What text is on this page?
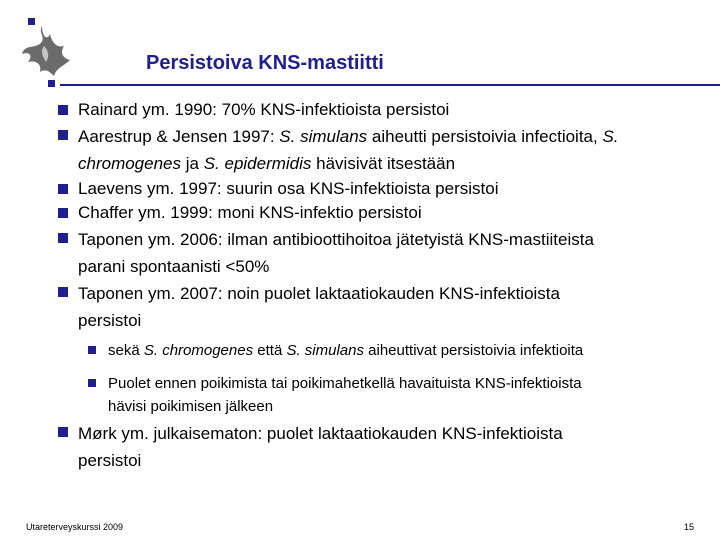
Persistoiva KNS-mastiitti
Rainard ym. 1990: 70% KNS-infektioista persistoi
Aarestrup & Jensen 1997: S. simulans aiheutti persistoivia infectioita, S.
chromogenes ja S. epidermidis hävisivät itsestään
Laevens ym. 1997: suurin osa KNS-infektioista persistoi
Chaffer ym. 1999: moni KNS-infektio persistoi
Taponen ym. 2006: ilman antibioottihoitoa jätetyistä KNS-mastiiteista
parani spontaanisti <50%
Taponen ym. 2007: noin puolet laktaatiokauden KNS-infektioista
persistoi
sekä S. chromogenes että S. simulans aiheuttivat persistoivia infektioita
Puolet ennen poikimista tai poikimahetkellä havaituista KNS-infektioista
hävisi poikimisen jälkeen
Mørk ym. julkaisematon: puolet laktaatiokauden KNS-infektioista
persistoi
Utareterveyskurssi 2009	15
